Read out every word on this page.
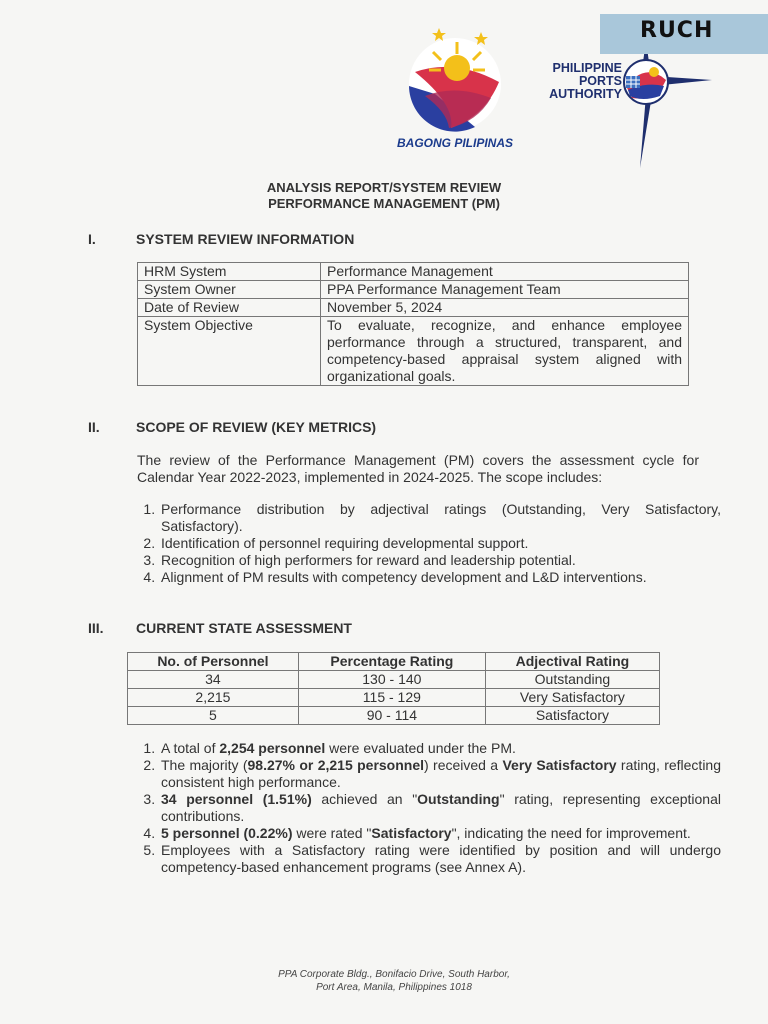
BAGONG PILIPINAS
PHILIPPINE
PORTS
AUTHORITY
RUCH
ANALYSIS REPORT/SYSTEM REVIEW
PERFORMANCE MANAGEMENT (PM)
I.	SYSTEM REVIEW INFORMATION
HRM System	Performance Management
System Owner	PPA Performance Management Team
Date of Review	November 5, 2024
System Objective	To evaluate, recognize, and enhance employee performance through a structured, transparent, and competency-based appraisal system aligned with organizational goals.
II.	SCOPE OF REVIEW (KEY METRICS)
The review of the Performance Management (PM) covers the assessment cycle for Calendar Year 2022-2023, implemented in 2024-2025. The scope includes:
1. Performance distribution by adjectival ratings (Outstanding, Very Satisfactory, Satisfactory).
2. Identification of personnel requiring developmental support.
3. Recognition of high performers for reward and leadership potential.
4. Alignment of PM results with competency development and L&D interventions.
III. CURRENT STATE ASSESSMENT
No. of Personnel	Percentage Rating	Adjectival Rating
34	130 - 140	Outstanding
2,215	115 - 129	Very Satisfactory
5	90 - 114	Satisfactory
1. A total of 2,254 personnel were evaluated under the PM.
2. The majority (98.27% or 2,215 personnel) received a Very Satisfactory rating, reflecting consistent high performance.
3. 34 personnel (1.51%) achieved an "Outstanding" rating, representing exceptional contributions.
4. 5 personnel (0.22%) were rated "Satisfactory", indicating the need for improvement.
5. Employees with a Satisfactory rating were identified by position and will undergo competency-based enhancement programs (see Annex A).
PPA Corporate Bldg., Bonifacio Drive, South Harbor,
Port Area, Manila, Philippines 1018
